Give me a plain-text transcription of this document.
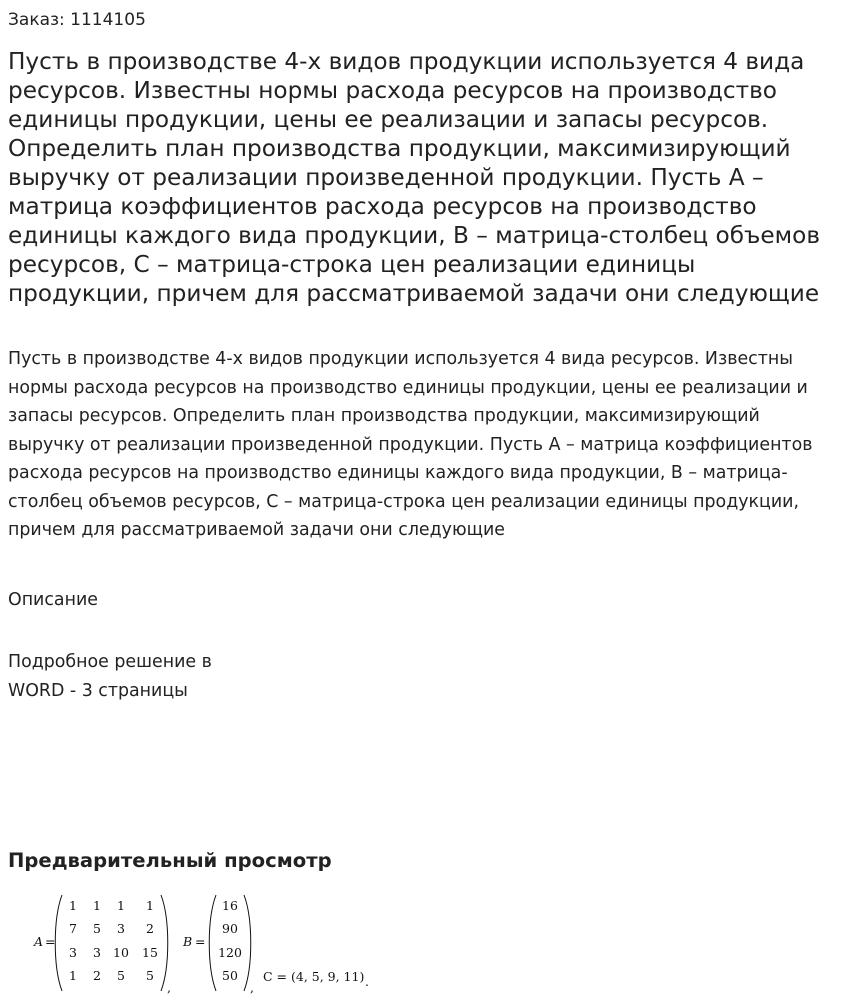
Заказ: 1114105
Пусть в производстве 4-х видов продукции используется 4 вида ресурсов. Известны нормы расхода ресурсов на производство единицы продукции, цены ее реализации и запасы ресурсов. Определить план производства продукции, максимизирующий выручку от реализации произведенной продукции. Пусть A – матрица коэффициентов расхода ресурсов на производство единицы каждого вида продукции, B – матрица-столбец объемов ресурсов, C – матрица-строка цен реализации единицы продукции, причем для рассматриваемой задачи они следующие

Пусть в производстве 4-х видов продукции используется 4 вида ресурсов. Известны нормы расхода ресурсов на производство единицы продукции, цены ее реализации и запасы ресурсов. Определить план производства продукции, максимизирующий выручку от реализации произведенной продукции. Пусть A – матрица коэффициентов расхода ресурсов на производство единицы каждого вида продукции, B – матрица-столбец объемов ресурсов, C – матрица-строка цен реализации единицы продукции, причем для рассматриваемой задачи они следующие

Описание
Подробное решение в WORD - 3 страницы
Предварительный просмотр
A =
1 1 1 1
7 5 3 2
3 3 10 15
1 2 5 5
,
B =
16
90
120
50
,
C = (4, 5, 9, 11) .
